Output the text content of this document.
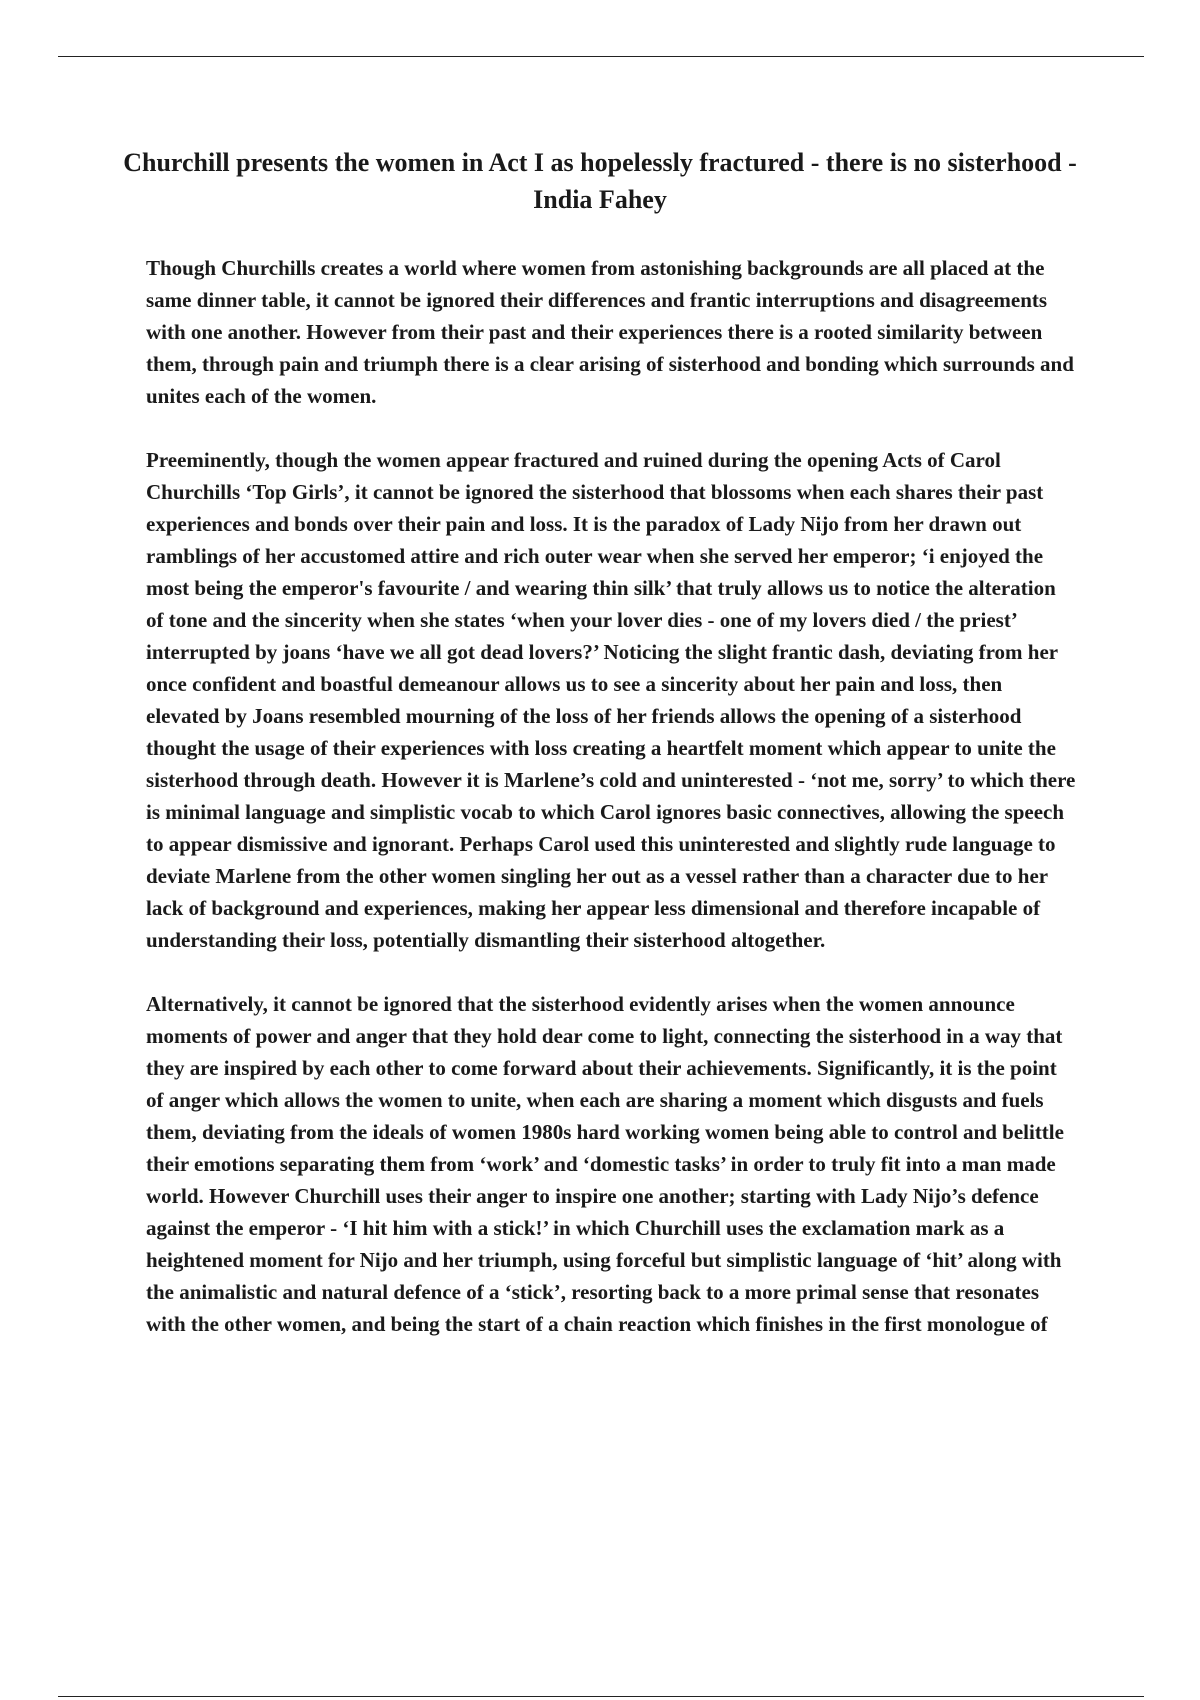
Churchill presents the women in Act I as hopelessly fractured - there is no sisterhood - India Fahey

Though Churchills creates a world where women from astonishing backgrounds are all placed at the same dinner table, it cannot be ignored their differences and frantic interruptions and disagreements with one another. However from their past and their experiences there is a rooted similarity between them, through pain and triumph there is a clear arising of sisterhood and bonding which surrounds and unites each of the women.

Preeminently, though the women appear fractured and ruined during the opening Acts of Carol Churchills ‘Top Girls’, it cannot be ignored the sisterhood that blossoms when each shares their past experiences and bonds over their pain and loss. It is the paradox of Lady Nijo from her drawn out ramblings of her accustomed attire and rich outer wear when she served her emperor; ‘i enjoyed the most being the emperor's favourite / and wearing thin silk’ that truly allows us to notice the alteration of tone and the sincerity when she states ‘when your lover dies - one of my lovers died / the priest’ interrupted by joans ‘have we all got dead lovers?’ Noticing the slight frantic dash, deviating from her once confident and boastful demeanour allows us to see a sincerity about her pain and loss, then elevated by Joans resembled mourning of the loss of her friends allows the opening of a sisterhood thought the usage of their experiences with loss creating a heartfelt moment which appear to unite the sisterhood through death. However it is Marlene’s cold and uninterested - ‘not me, sorry’ to which there is minimal language and simplistic vocab to which Carol ignores basic connectives, allowing the speech to appear dismissive and ignorant. Perhaps Carol used this uninterested and slightly rude language to deviate Marlene from the other women singling her out as a vessel rather than a character due to her lack of background and experiences, making her appear less dimensional and therefore incapable of understanding their loss, potentially dismantling their sisterhood altogether.

Alternatively, it cannot be ignored that the sisterhood evidently arises when the women announce moments of power and anger that they hold dear come to light, connecting the sisterhood in a way that they are inspired by each other to come forward about their achievements. Significantly, it is the point of anger which allows the women to unite, when each are sharing a moment which disgusts and fuels them, deviating from the ideals of women 1980s hard working women being able to control and belittle their emotions separating them from ‘work’ and ‘domestic tasks’ in order to truly fit into a man made world. However Churchill uses their anger to inspire one another; starting with Lady Nijo’s defence against the emperor - ‘I hit him with a stick!’ in which Churchill uses the exclamation mark as a heightened moment for Nijo and her triumph, using forceful but simplistic language of ‘hit’ along with the animalistic and natural defence of a ‘stick’, resorting back to a more primal sense that resonates with the other women, and being the start of a chain reaction which finishes in the first monologue of
